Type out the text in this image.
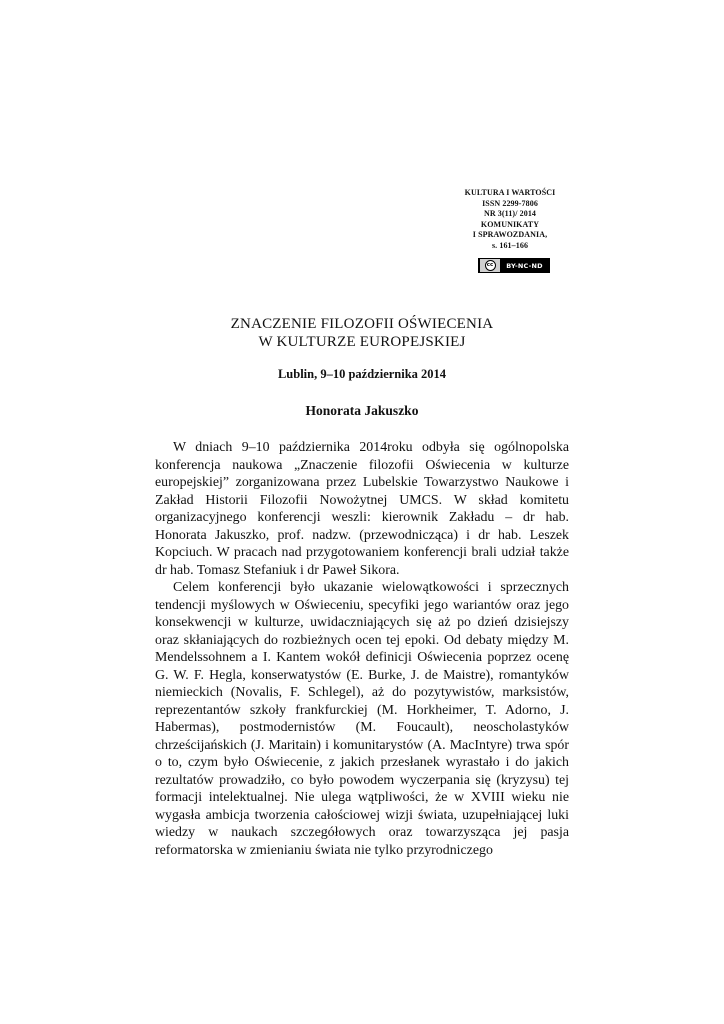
KULTURA I WARTOŚCI
ISSN 2299-7806
NR 3(11)/ 2014
KOMUNIKATY
I SPRAWOZDANIA,
s. 161–166
cc	BY-NC-ND
ZNACZENIE FILOZOFII OŚWIECENIA
W KULTURZE EUROPEJSKIEJ
Lublin, 9–10 października 2014
Honorata Jakuszko

W dniach 9–10 października 2014roku odbyła się ogólnopolska konferencja naukowa „Znaczenie filozofii Oświecenia w kulturze europejskiej” zorganizowana przez Lubelskie Towarzystwo Naukowe i Zakład Historii Filozofii Nowożytnej UMCS. W skład komitetu organizacyjnego konferencji weszli: kierownik Zakładu – dr hab. Honorata Jakuszko, prof. nadzw. (przewodnicząca) i dr hab. Leszek Kopciuch. W pracach nad przygotowaniem konferencji brali udział także dr hab. Tomasz Stefaniuk i dr Paweł Sikora.

Celem konferencji było ukazanie wielowątkowości i sprzecznych tendencji myślowych w Oświeceniu, specyfiki jego wariantów oraz jego konsekwencji w kulturze, uwidaczniających się aż po dzień dzisiejszy oraz skłaniających do rozbieżnych ocen tej epoki. Od debaty między M. Mendelssohnem a I. Kantem wokół definicji Oświecenia poprzez ocenę G. W. F. Hegla, konserwatystów (E. Burke, J. de Maistre), romantyków niemieckich (Novalis, F. Schlegel), aż do pozytywistów, marksistów, reprezentantów szkoły frankfurckiej (M. Horkheimer, T. Adorno, J. Habermas), postmodernistów (M. Foucault), neoscholastyków chrześcijańskich (J. Maritain) i komunitarystów (A. MacIntyre) trwa spór o to, czym było Oświecenie, z jakich przesłanek wyrastało i do jakich rezultatów prowadziło, co było powodem wyczerpania się (kryzysu) tej formacji intelektualnej. Nie ulega wątpliwości, że w XVIII wieku nie wygasła ambicja tworzenia całościowej wizji świata, uzupełniającej luki wiedzy w naukach szczegółowych oraz towarzysząca jej pasja reformatorska w zmienianiu świata nie tylko przyrodniczego
